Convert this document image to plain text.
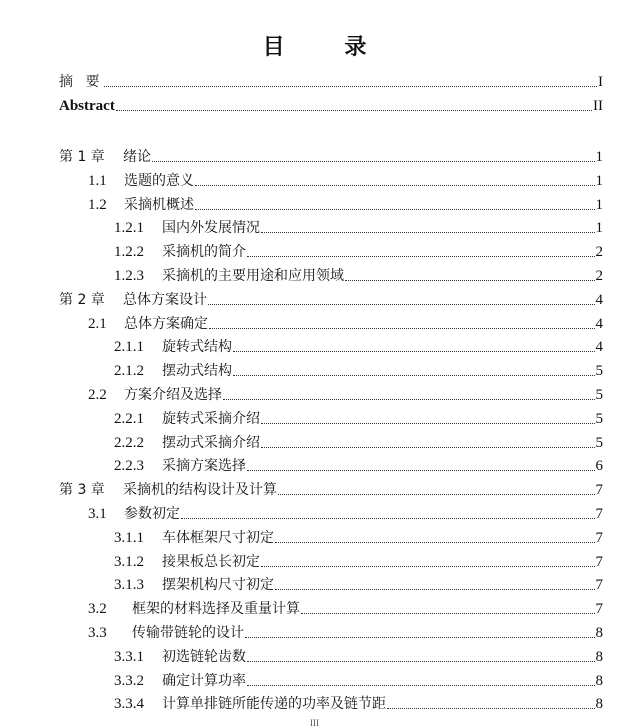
目 录
摘 要	I
Abstract	II
第 1 章	绪论	1
1.1	选题的意义	1
1.2	采摘机概述	1
1.2.1	国内外发展情况	1
1.2.2	采摘机的简介	2
1.2.3	采摘机的主要用途和应用领域	2
第 2 章	总体方案设计	4
2.1	总体方案确定	4
2.1.1	旋转式结构	4
2.1.2	摆动式结构	5
2.2	方案介绍及选择	5
2.2.1	旋转式采摘介绍	5
2.2.2	摆动式采摘介绍	5
2.2.3	采摘方案选择	6
第 3 章	采摘机的结构设计及计算	7
3.1	参数初定	7
3.1.1	车体框架尺寸初定	7
3.1.2	接果板总长初定	7
3.1.3	摆架机构尺寸初定	7
3.2	框架的材料选择及重量计算	7
3.3	传输带链轮的设计	8
3.3.1	初选链轮齿数	8
3.3.2	确定计算功率	8
3.3.4	计算单排链所能传递的功率及链节距	8
III
